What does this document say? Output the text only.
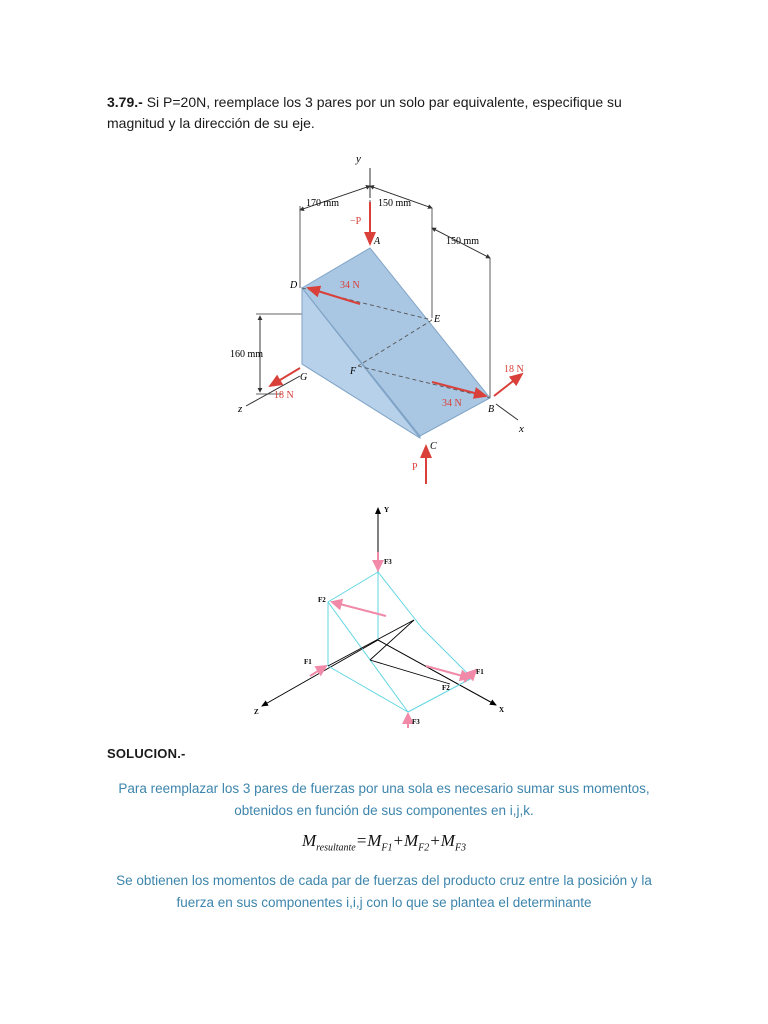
3.79.- Si P=20N, reemplace los 3 pares por un solo par equivalente, especifique su
magnitud y la dirección de su eje.
y
x
z
170 mm	150 mm
150 mm
160 mm
−P
P
34 N
34 N
18 N
18 N
A
B
C
D
E
F
G
Y
X
Z
F3
F3
F2
F2
F1
F1
SOLUCION.-
Para reemplazar los 3 pares de fuerzas por una sola es necesario sumar sus momentos,
obtenidos en función de sus componentes en i,j,k.
$M_{resultante}=M_{F1}+M_{F2}+M_{F3}$
Se obtienen los momentos de cada par de fuerzas del producto cruz entre la posición y la
fuerza en sus componentes i,i,j con lo que se plantea el determinante
